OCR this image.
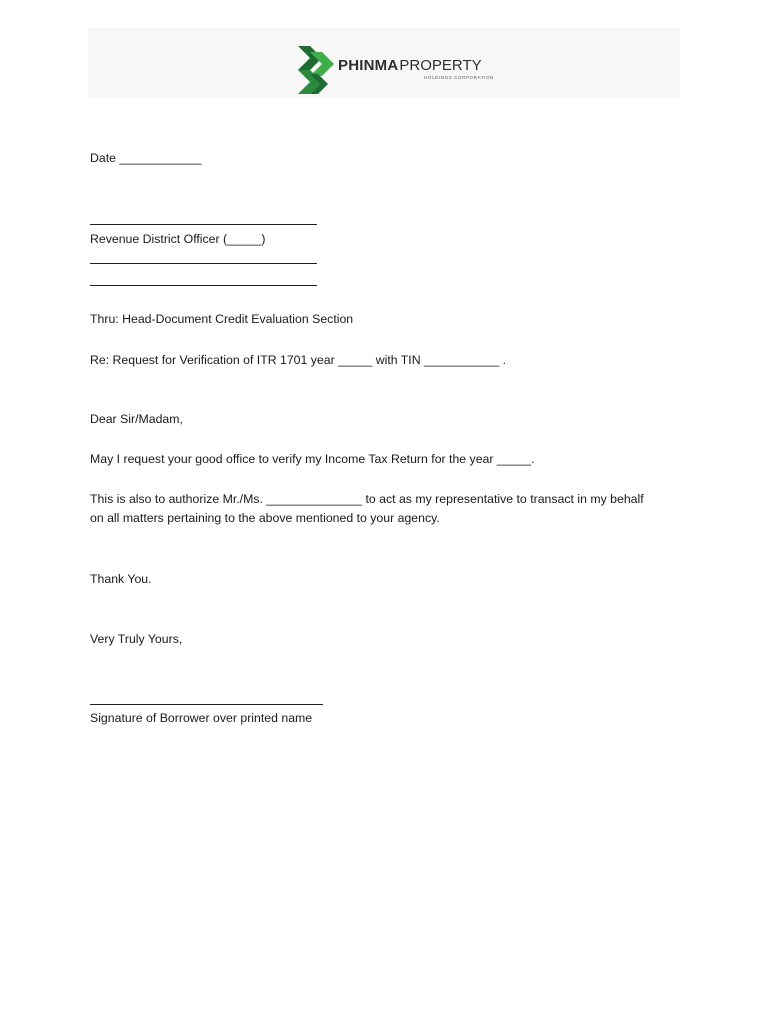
PHINMA PROPERTY
HOLDINGS CORPORATION
Date ____________
Revenue District Officer (_____)
Thru: Head-Document Credit Evaluation Section
Re: Request for Verification of ITR 1701 year _____ with TIN ___________ .
Dear Sir/Madam,
May I request your good office to verify my Income Tax Return for the year _____.
This is also to authorize Mr./Ms. ______________ to act as my representative to transact in my behalf
on all matters pertaining to the above mentioned to your agency.
Thank You.
Very Truly Yours,
Signature of Borrower over printed name
